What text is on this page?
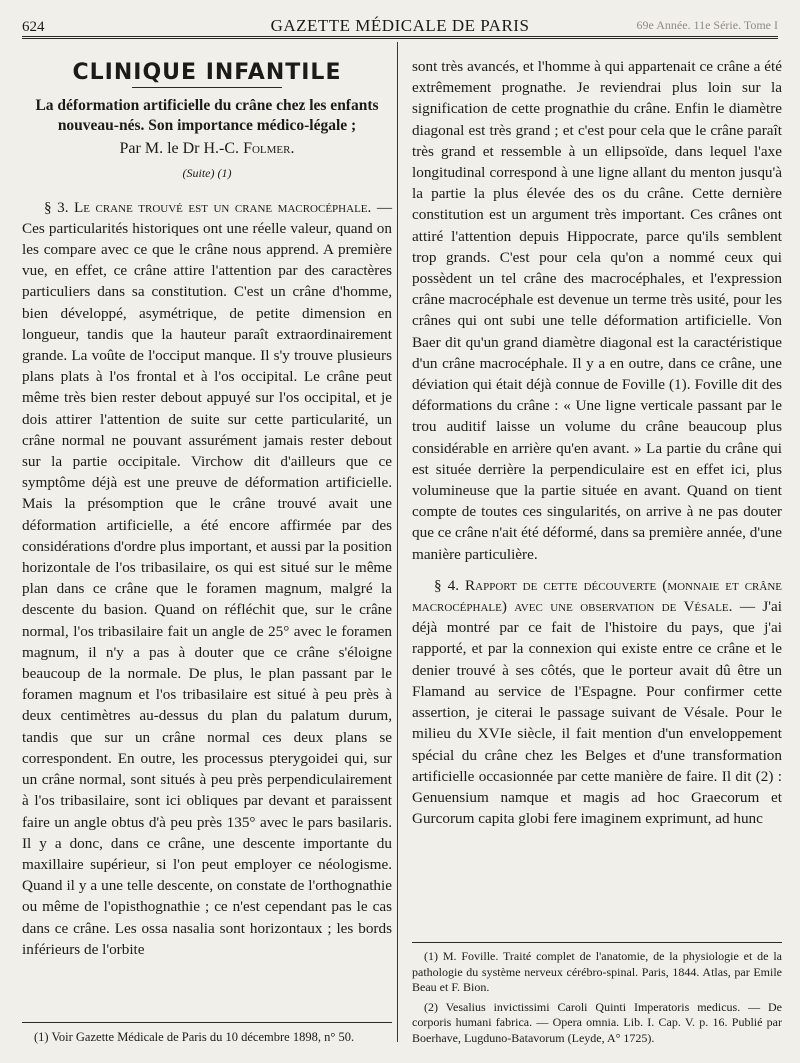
624	GAZETTE MÉDICALE DE PARIS	69e Année. 11e Série. Tome I
CLINIQUE INFANTILE

La déformation artificielle du crâne chez les enfants nouveau-nés. Son importance médico-légale ;

Par M. le Dr H.-C. Folmer.
(Suite) (1)

§ 3. Le crane trouvé est un crane macrocéphale. — Ces particularités historiques ont une réelle valeur, quand on les compare avec ce que le crâne nous apprend. A première vue, en effet, ce crâne attire l'attention par des caractères particuliers dans sa constitution. C'est un crâne d'homme, bien développé, asymétrique, de petite dimension en longueur, tandis que la hauteur paraît extraordinairement grande. La voûte de l'occiput manque. Il s'y trouve plusieurs plans plats à l'os frontal et à l'os occipital. Le crâne peut même très bien rester debout appuyé sur l'os occipital, et je dois attirer l'attention de suite sur cette particularité, un crâne normal ne pouvant assurément jamais rester debout sur la partie occipitale. Virchow dit d'ailleurs que ce symptôme déjà est une preuve de déformation artificielle. Mais la présomption que le crâne trouvé avait une déformation artificielle, a été encore affirmée par des considérations d'ordre plus important, et aussi par la position horizontale de l'os tribasilaire, os qui est situé sur le même plan dans ce crâne que le foramen magnum, malgré la descente du basion. Quand on réfléchit que, sur le crâne normal, l'os tribasilaire fait un angle de 25° avec le foramen magnum, il n'y a pas à douter que ce crâne s'éloigne beaucoup de la normale. De plus, le plan passant par le foramen magnum et l'os tribasilaire est situé à peu près à deux centimètres au-dessus du plan du palatum durum, tandis que sur un crâne normal ces deux plans se correspondent. En outre, les processus pterygoidei qui, sur un crâne normal, sont situés à peu près perpendiculairement à l'os tribasilaire, sont ici obliques par devant et paraissent faire un angle obtus d'à peu près 135° avec le pars basilaris. Il y a donc, dans ce crâne, une descente importante du maxillaire supérieur, si l'on peut employer ce néologisme. Quand il y a une telle descente, on constate de l'orthognathie ou même de l'opisthognathie ; ce n'est cependant pas le cas dans ce crâne. Les ossa nasalia sont horizontaux ; les bords inférieurs de l'orbite

sont très avancés, et l'homme à qui appartenait ce crâne a été extrêmement prognathe. Je reviendrai plus loin sur la signification de cette prognathie du crâne. Enfin le diamètre diagonal est très grand ; et c'est pour cela que le crâne paraît très grand et ressemble à un ellipsoïde, dans lequel l'axe longitudinal correspond à une ligne allant du menton jusqu'à la partie la plus élevée des os du crâne. Cette dernière constitution est un argument très important. Ces crânes ont attiré l'attention depuis Hippocrate, parce qu'ils semblent trop grands. C'est pour cela qu'on a nommé ceux qui possèdent un tel crâne des macrocéphales, et l'expression crâne macrocéphale est devenue un terme très usité, pour les crânes qui ont subi une telle déformation artificielle. Von Baer dit qu'un grand diamètre diagonal est la caractéristique d'un crâne macrocéphale. Il y a en outre, dans ce crâne, une déviation qui était déjà connue de Foville (1). Foville dit des déformations du crâne : « Une ligne verticale passant par le trou auditif laisse un volume du crâne beaucoup plus considérable en arrière qu'en avant. » La partie du crâne qui est située derrière la perpendiculaire est en effet ici, plus volumineuse que la partie située en avant. Quand on tient compte de toutes ces singularités, on arrive à ne pas douter que ce crâne n'ait été déformé, dans sa première année, d'une manière particulière.

§ 4. Rapport de cette découverte (monnaie et crâne macrocéphale) avec une observation de Vésale. — J'ai déjà montré par ce fait de l'histoire du pays, que j'ai rapporté, et par la connexion qui existe entre ce crâne et le denier trouvé à ses côtés, que le porteur avait dû être un Flamand au service de l'Espagne. Pour confirmer cette assertion, je citerai le passage suivant de Vésale. Pour le milieu du XVIe siècle, il fait mention d'un enveloppement spécial du crâne chez les Belges et d'une transformation artificielle occasionnée par cette manière de faire. Il dit (2) : Genuensium namque et magis ad hoc Graecorum et Gurcorum capita globi fere imaginem exprimunt, ad hunc

(1) Voir Gazette Médicale de Paris du 10 décembre 1898, n° 50.

(1) M. Foville. Traité complet de l'anatomie, de la physiologie et de la pathologie du système nerveux cérébro-spinal. Paris, 1844. Atlas, par Emile Beau et F. Bion.

(2) Vesalius invictissimi Caroli Quinti Imperatoris medicus. — De corporis humani fabrica. — Opera omnia. Lib. I. Cap. V. p. 16. Publié par Boerhave, Lugduno-Batavorum (Leyde, A° 1725).
